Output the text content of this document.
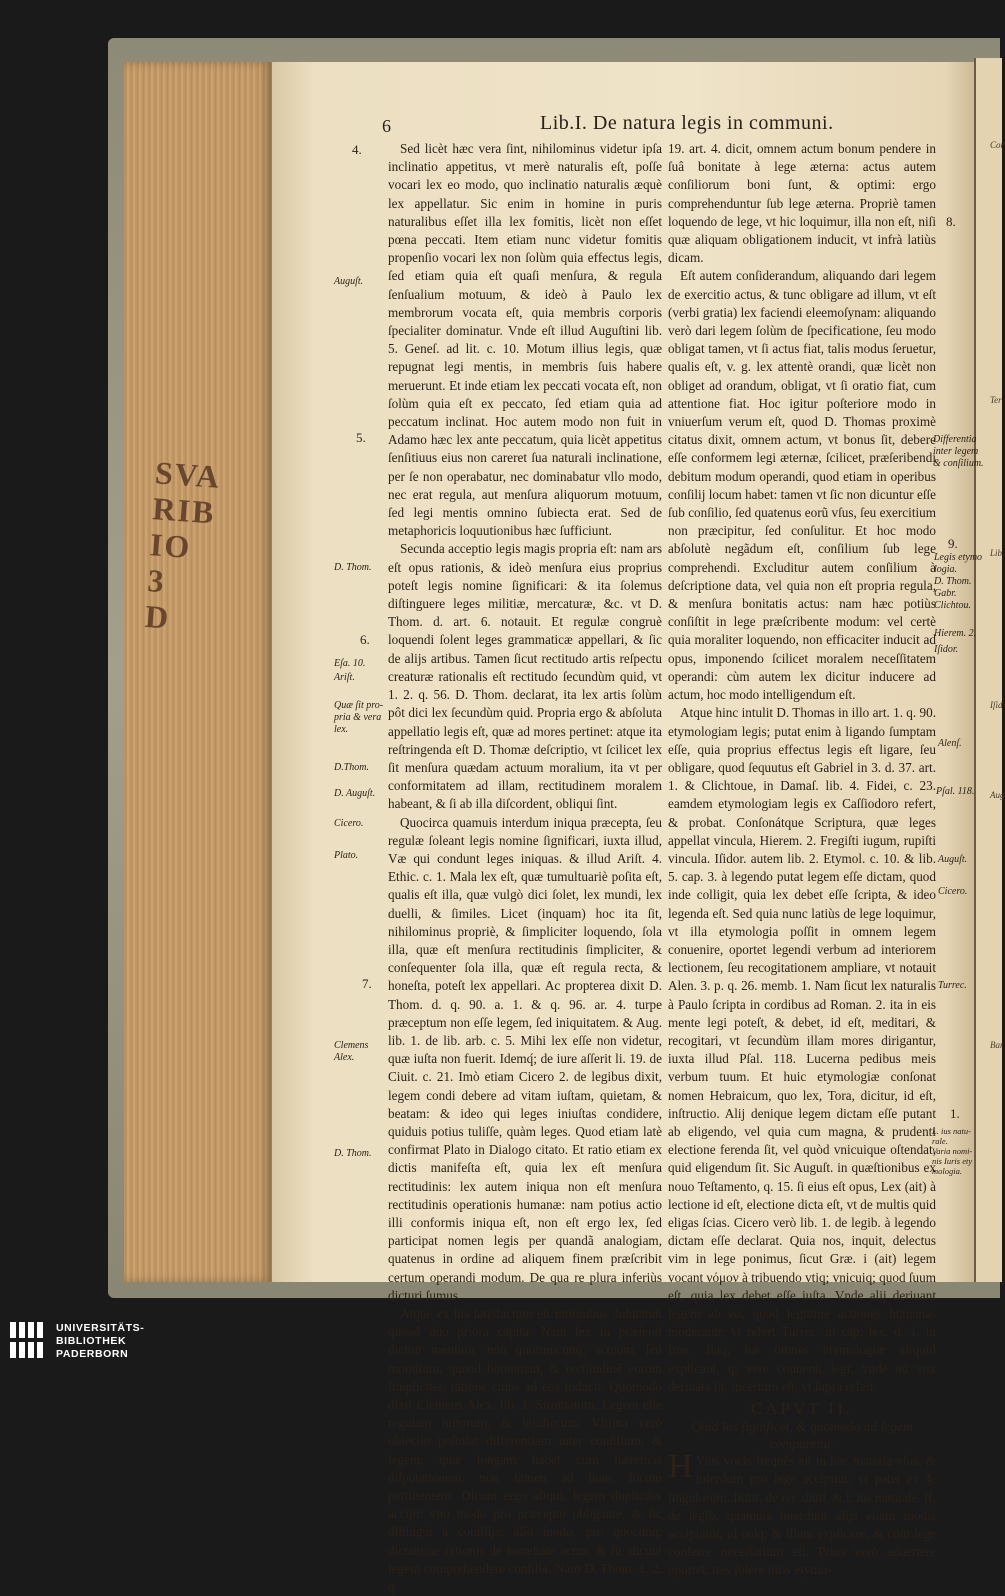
SVA
RIB
IO
3
D
Cor
Ter
Lib
Iſid
Aug
Bar
6	Lib.I. De natura legis in communi.
4.
5.
6.
7.
Auguſt.
D. Thom.
Eſa. 10.
Ariſt.
Quæ ſit pro-
pria & vera
lex.
D.Thom.
D. Auguſt.
Cicero.
Plato.
Clemens
Alex.
D. Thom.

Sed licèt hæc vera ſint, nihilominus videtur ipſa inclinatio appetitus, vt merè naturalis eſt, poſſe vocari lex eo modo, quo inclinatio naturalis æquè lex appellatur. Sic enim in homine in puris naturalibus eſſet illa lex fomitis, licèt non eſſet pœna peccati. Item etiam nunc videtur fomitis propenſio vocari lex non ſolùm quia effectus legis, ſed etiam quia eſt quaſi menſura, & regula ſenſualium motuum, & ideò à Paulo lex membrorum vocata eſt, quia membris corporis ſpecialiter dominatur. Vnde eſt illud Auguſtini lib. 5. Geneſ. ad lit. c. 10. Motum illius legis, quæ repugnat legi mentis, in membris ſuis habere meruerunt. Et inde etiam lex peccati vocata eſt, non ſolùm quia eſt ex peccato, ſed etiam quia ad peccatum inclinat. Hoc autem modo non fuit in Adamo hæc lex ante peccatum, quia licèt appetitus ſenſitiuus eius non careret ſua naturali inclinatione, per ſe non operabatur, nec dominabatur vllo modo, nec erat regula, aut menſura aliquorum motuum, ſed legi mentis omnino ſubiecta erat. Sed de metaphoricis loquutionibus hæc ſufficiunt.

Secunda acceptio legis magis propria eſt: nam ars eſt opus rationis, & ideò menſura eius proprius poteſt legis nomine ſignificari: & ita ſolemus diſtinguere leges militiæ, mercaturæ, &c. vt D. Thom. d. art. 6. notauit. Et regulæ congruè loquendi ſolent leges grammaticæ appellari, & ſic de alijs artibus. Tamen ſicut rectitudo artis reſpectu creaturæ rationalis eſt rectitudo ſecundùm quid, vt 1. 2. q. 56. D. Thom. declarat, ita lex artis ſolùm pôt dici lex ſecundùm quid. Propria ergo & abſoluta appellatio legis eſt, quæ ad mores pertinet: atque ita reſtringenda eſt D. Thomæ deſcriptio, vt ſcilicet lex ſit menſura quædam actuum moralium, ita vt per conformitatem ad illam, rectitudinem moralem habeant, & ſi ab illa diſcordent, obliqui ſint.

Quocirca quamuis interdum iniqua præcepta, ſeu regulæ ſoleant legis nomine ſignificari, iuxta illud, Væ qui condunt leges iniquas. & illud Ariſt. 4. Ethic. c. 1. Mala lex eſt, quæ tumultuariè poſita eſt, qualis eſt illa, quæ vulgò dici ſolet, lex mundi, lex duelli, & ſimiles. Licet (inquam) hoc ita ſit, nihilominus propriè, & ſimpliciter loquendo, ſola illa, quæ eſt menſura rectitudinis ſimpliciter, & conſequenter ſola illa, quæ eſt regula recta, & honeſta, poteſt lex appellari. Ac propterea dixit D. Thom. d. q. 90. a. 1. & q. 96. ar. 4. turpe præceptum non eſſe legem, ſed iniquitatem. & Aug. lib. 1. de lib. arb. c. 5. Mihi lex eſſe non videtur, quæ iuſta non fuerit. Idemq́; de iure aſſerit li. 19. de Ciuit. c. 21. Imò etiam Cicero 2. de legibus dixit, legem condi debere ad vitam iuſtam, quietam, & beatam: & ideo qui leges iniuſtas condidere, quiduis potius tuliſſe, quàm leges. Quod etiam latè confirmat Plato in Dialogo citato. Et ratio etiam ex dictis manifeſta eſt, quia lex eſt menſura rectitudinis: lex autem iniqua non eſt menſura rectitudinis operationis humanæ: nam potius actio illi conformis iniqua eſt, non eſt ergo lex, ſed participat nomen legis per quandã analogiam, quatenus in ordine ad aliquem finem præſcribit certum operandi modum. De qua re plura inferiùs dicturi ſumus.

Atque ex his ſatisfactum eſt rationibus dubitandi quoad duo priora capita. Nam lex in præſenti dicitur menſura, non quorumcunq; actuum, ſed moralium, quoad bonitatem, & rectitudinẽ eorum ſimpliciter, ratione cuius ad eos inducit. Quomodo dixit Clemens Alex. lib. 1. Stromatum, Legem eſſe regulam iuſtorum, & iniuſtorum. Vltima verò obiectio poſtulat differentiam inter conſilium, & legem, quæ longam habet cum hæreticis diſputationem, non tamen ad hunc locum pertinentem: Dicunt ergo aliqui, legem dupliciter accipi: vno modo pro præcepto obligante, & ſic diſtingui à conſilijs: alio modo, pro quocunq; dictamine rationis de honeſtate actus, & ſic dicunt legem comprehendere conſilia. Nam D. Thom. 1. 2. q.

19. art. 4. dicit, omnem actum bonum pendere in ſuâ bonitate à lege æterna: actus autem conſiliorum boni ſunt, & optimi: ergo comprehenduntur ſub lege æterna. Propriè tamen loquendo de lege, vt hic loquimur, illa non eſt, niſi quæ aliquam obligationem inducit, vt infrà latiùs dicam.

Eſt autem conſiderandum, aliquando dari legem de exercitio actus, & tunc obligare ad illum, vt eſt (verbi gratia) lex faciendi eleemoſynam: aliquando verò dari legem ſolùm de ſpecificatione, ſeu modo obligat tamen, vt ſi actus fiat, talis modus ſeruetur, qualis eſt, v. g. lex attentè orandi, quæ licèt non obliget ad orandum, obligat, vt ſi oratio fiat, cum attentione fiat. Hoc igitur poſteriore modo in vniuerſum verum eſt, quod D. Thomas proximè citatus dixit, omnem actum, vt bonus ſit, debere eſſe conformem legi æternæ, ſcilicet, præſeribendi debitum modum operandi, quod etiam in operibus conſilij locum habet: tamen vt ſic non dicuntur eſſe ſub conſilio, ſed quatenus eorũ vſus, ſeu exercitium non præcipitur, ſed conſulitur. Et hoc modo abſolutè negãdum eſt, conſilium ſub lege comprehendi. Excluditur autem conſilium à deſcriptione data, vel quia non eſt propria regula, & menſura bonitatis actus: nam hæc potiùs conſiſtit in lege præſcribente modum: vel certè quia moraliter loquendo, non efficaciter inducit ad opus, imponendo ſcilicet moralem neceſſitatem operandi: cùm autem lex dicitur inducere ad actum, hoc modo intelligendum eſt.

Atque hinc intulit D. Thomas in illo art. 1. q. 90. etymologiam legis; putat enim à ligando ſumptam eſſe, quia proprius effectus legis eſt ligare, ſeu obligare, quod ſequutus eſt Gabriel in 3. d. 37. art. 1. & Clichtoue, in Damaſ. lib. 4. Fidei, c. 23. eamdem etymologiam legis ex Caſſiodoro refert, & probat. Conſonátque Scriptura, quæ leges appellat vincula, Hierem. 2. Fregiſti iugum, rupiſti vincula. Iſidor. autem lib. 2. Etymol. c. 10. & lib. 5. cap. 3. à legendo putat legem eſſe dictam, quod inde colligit, quia lex debet eſſe ſcripta, & ideo legenda eſt. Sed quia nunc latiùs de lege loquimur, vt illa etymologia poſſit in omnem legem conuenire, oportet legendi verbum ad interiorem lectionem, ſeu recogitationem ampliare, vt notauit Alen. 3. p. q. 26. memb. 1. Nam ſicut lex naturalis à Paulo ſcripta in cordibus ad Roman. 2. ita in eis mente legi poteſt, & debet, id eſt, meditari, & recogitari, vt ſecundùm illam mores dirigantur, iuxta illud Pſal. 118. Lucerna pedibus meis verbum tuum. Et huic etymologiæ conſonat nomen Hebraicum, quo lex, Tora, dicitur, id eſt, inſtructio. Alij denique legem dictam eſſe putant ab eligendo, vel quia cum magna, & prudenti electione ferenda ſit, vel quòd vnicuique oſtendat, quid eligendum ſit. Sic Auguſt. in quæſtionibus ex nouo Teſtamento, q. 15. ſi eius eſt opus, Lex (ait) à lectione id eſt, electione dicta eſt, vt de multis quid eligas ſcias. Cicero verò lib. 1. de legib. à legendo dictam eſſe declarat. Quia nos, inquit, delectus vim in lege ponimus, ſicut Græ. i (ait) legem vocant νόμον à tribuendo vtiq; vnicuiq; quod ſuum eſt, quia lex debet eſſe iuſta. Vnde alij deriuant legem ab eo, quod legitimè actiones humanas moderatur, vt refert Turrec. in cap. lex. d. 1. in fine. Itaq; hæ omnes etymologiæ aliquid explicant, q; verè conuenit legi: vnde aũ vox deriuata ſit, incertum eſt, vt ſupra refert.

CAPVT II.
Quid Ius ſignificet, & quomodo ad legem comparetur.

H Vius vocis frequẽs eſt in hac materia vſus, & interdum pro lege accipitur, vt patet ex §. ſingulorum. Inſtit. de rer. diuiſ. & l. ius naturale. ff. de legib. quamuis interdum alijs etiam modis accipiatur, id colq; & illam explicare, & cum lege conferre neceſſarium eſt: Prius verò aduertere oportet, tres ſolere iuris etymo-

8.
9.
1.
Differentia
inter legem
& conſilium.
Legis etymo
logia.
D. Thom.
Gabr.
Clichtou.
Hierem. 2.
Iſidor.
Alenſ.
Pſal. 118.
Auguſt.
Cicero.
Turrec.
L. ius natu-
rale.
Varia nomi-
nis Iuris ety
mologia.
UNIVERSITÄTS-
BIBLIOTHEK
PADERBORN
